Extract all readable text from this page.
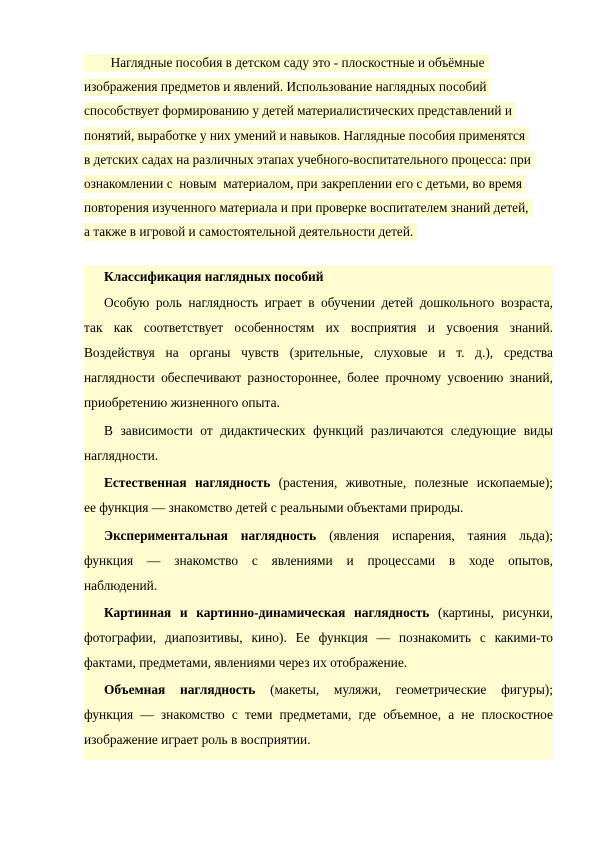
Наглядные пособия в детском саду это - плоскостные и объёмные
изображения предметов и явлений. Использование наглядных пособий
способствует формированию у детей материалистических представлений и
понятий, выработке у них умений и навыков. Наглядные пособия применятся
в детских садах на различных этапах учебного-воспитательного процесса: при
ознакомлении с  новым  материалом, при закреплении его с детьми, во время
повторения изученного материала и при проверке воспитателем знаний детей,
а также в игровой и самостоятельной деятельности детей.
Классификация наглядных пособий
Особую роль наглядность играет в обучении детей дошкольного возраста,
так как соответствует особенностям их восприятия и усвоения знаний.
Воздействуя на органы чувств (зрительные, слуховые и т. д.), средства
наглядности обеспечивают разностороннее, более прочному усвоению знаний,
приобретению жизненного опыта.
В зависимости от дидактических функций различаются следующие виды
наглядности.
Естественная наглядность (растения, животные, полезные ископаемые);
ее функция — знакомство детей с реальными объектами природы.
Экспериментальная наглядность (явления испарения, таяния льда);
функция — знакомство с явлениями и процессами в ходе опытов,
наблюдений.
Картинная и картинно-динамическая наглядность (картины, рисунки,
фотографии, диапозитивы, кино). Ее функция — познакомить с какими-то
фактами, предметами, явлениями через их отображение.
Объемная наглядность (макеты, муляжи, геометрические фигуры);
функция — знакомство с теми предметами, где объемное, а не плоскостное
изображение играет роль в восприятии.
